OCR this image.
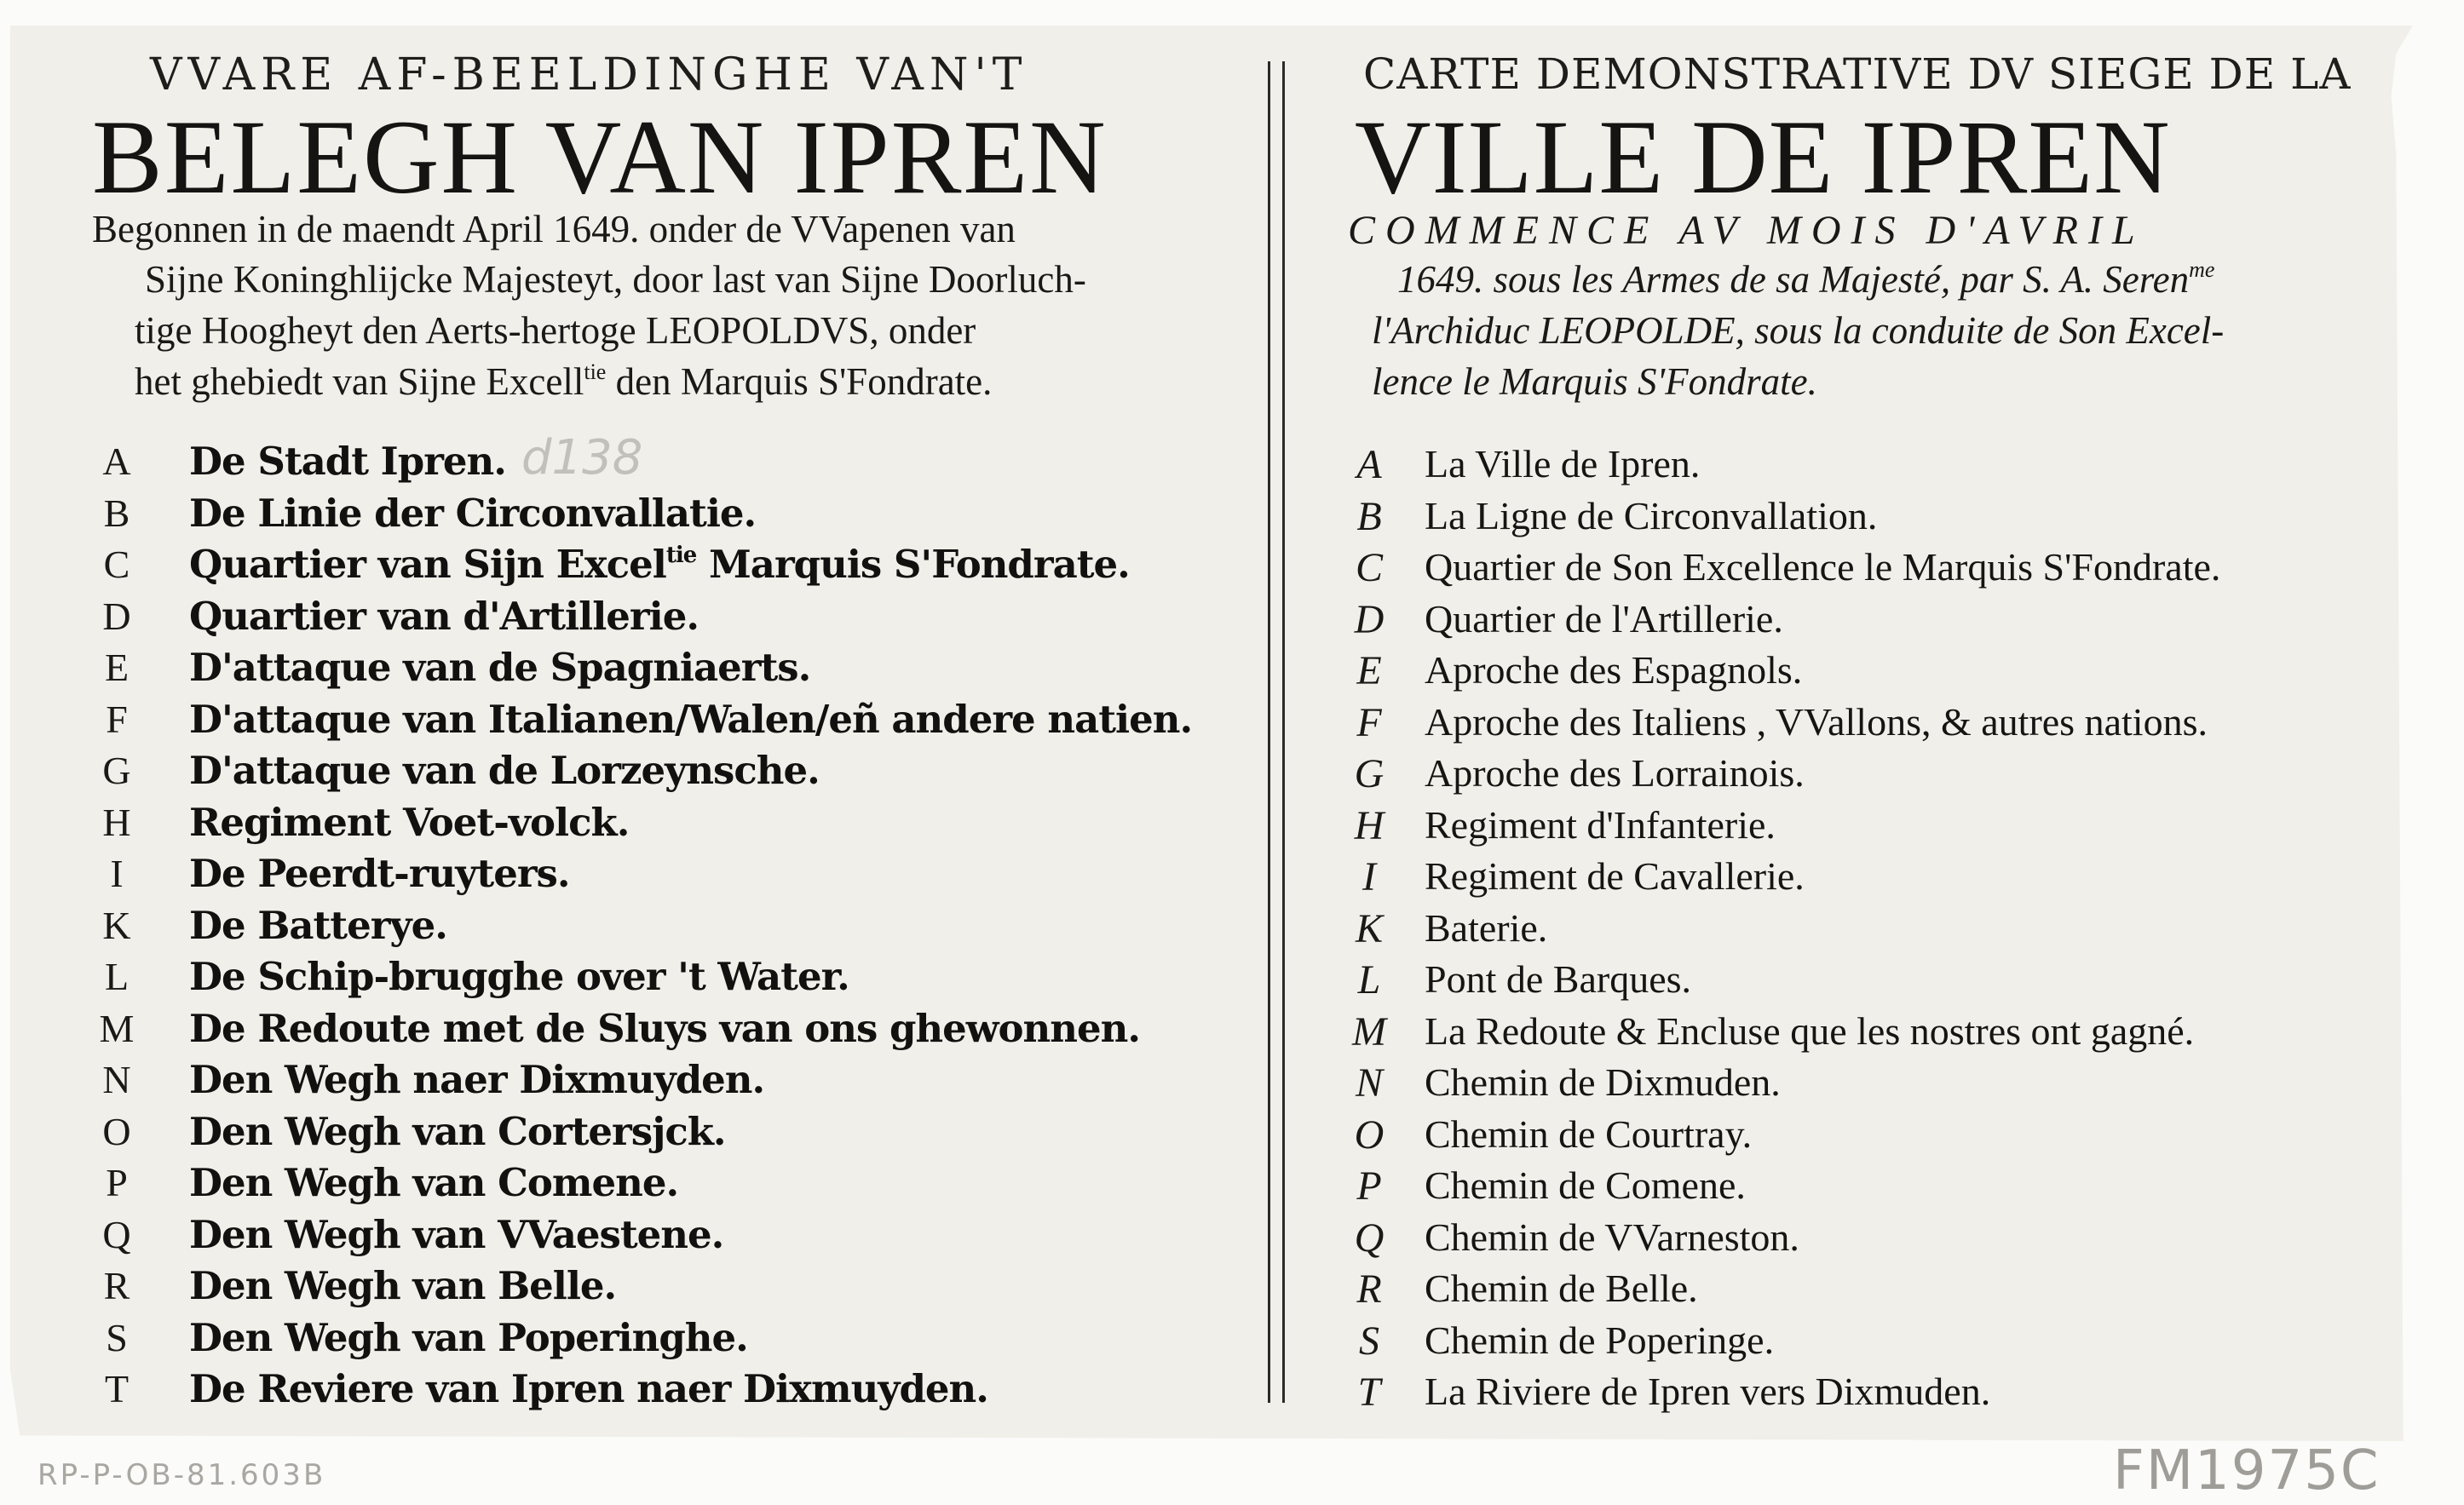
VVARE AF-BEELDINGHE VAN'T
BELEGH VAN IPREN
Begonnen in de maendt April 1649. onder de VVapenen van
Sijne Koninghlijcke Majesteyt, door last van Sijne Doorluch-
tige Hoogheyt den Aerts-hertoge LEOPOLDVS, onder
het ghebiedt van Sijne Excell$^{tie}$ den Marquis S'Fondrate.
A De Stadt Ipren.
B De Linie der Circonvallatie.
C Quartier van Sijn Excel$^{tie}$ Marquis S'Fondrate.
D Quartier van d'Artillerie.
E D'attaque van de Spagniaerts.
F D'attaque van Italianen/Walen/eñ andere natien.
G D'attaque van de Lorzeynsche.
H Regiment Voet-volck.
I	De Peerdt-ruyters.
K De Batterye.
L De Schip-brugghe over 't Water.
M De Redoute met de Sluys van ons ghewonnen.
N Den Wegh naer Dixmuyden.
O Den Wegh van Cortersjck.
P Den Wegh van Comene.
Q Den Wegh van VVaestene.
R Den Wegh van Belle.
S Den Wegh van Poperinghe.
T De Reviere van Ipren naer Dixmuyden.
CARTE DEMONSTRATIVE DV SIEGE DE LA
VILLE DE IPREN
COMMENCE AV MOIS D'AVRIL
1649. sous les Armes de sa Majesté, par S. A. Seren$^{me}$
l'Archiduc LEOPOLDE, sous la conduite de Son Excel-
lence le Marquis S'Fondrate.
A La Ville de Ipren.
B La Ligne de Circonvallation.
C Quartier de Son Excellence le Marquis S'Fondrate.
D Quartier de l'Artillerie.
E Aproche des Espagnols.
F Aproche des Italiens , VVallons, & autres nations.
G Aproche des Lorrainois.
H Regiment d'Infanterie.
I	Regiment de Cavallerie.
K Baterie.
L Pont de Barques.
M La Redoute & Enclusе que les nostres ont gagné.
N Chemin de Dixmuden.
O Chemin de Courtray.
P Chemin de Comene.
Q Chemin de VVarneston.
R Chemin de Belle.
S Chemin de Poperinge.
T La Riviere de Ipren vers Dixmuden.
d138
RP-P-OB-81.603B	FM1975C
